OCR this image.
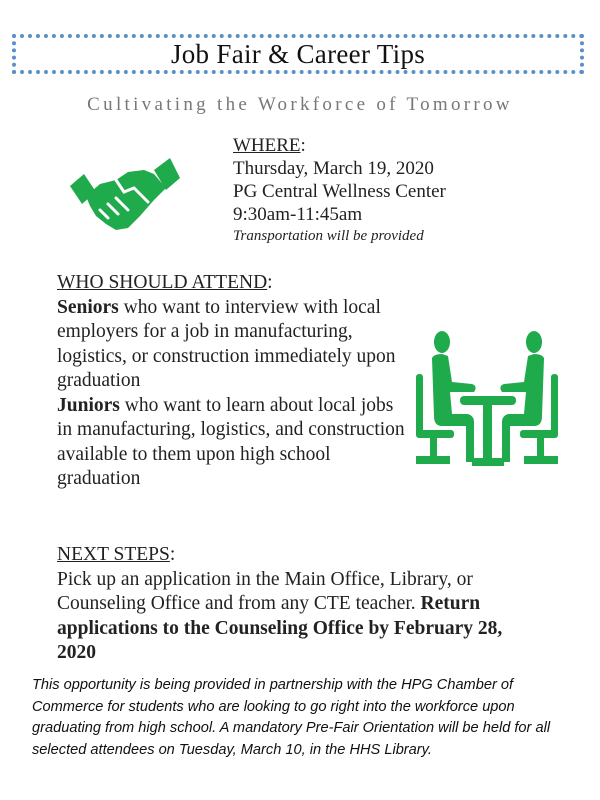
Job Fair & Career Tips
Cultivating the Workforce of Tomorrow
WHERE:
Thursday, March 19, 2020
PG Central Wellness Center
9:30am-11:45am
Transportation will be provided
WHO SHOULD ATTEND:
Seniors who want to interview with local employers for a job in manufacturing, logistics, or construction immediately upon graduation
Juniors who want to learn about local jobs in manufacturing, logistics, and construction available to them upon high school graduation
NEXT STEPS:
Pick up an application in the Main Office, Library, or Counseling Office and from any CTE teacher. Return applications to the Counseling Office by February 28, 2020
This opportunity is being provided in partnership with the HPG Chamber of Commerce for students who are looking to go right into the workforce upon graduating from high school. A mandatory Pre-Fair Orientation will be held for all selected attendees on Tuesday, March 10, in the HHS Library.
